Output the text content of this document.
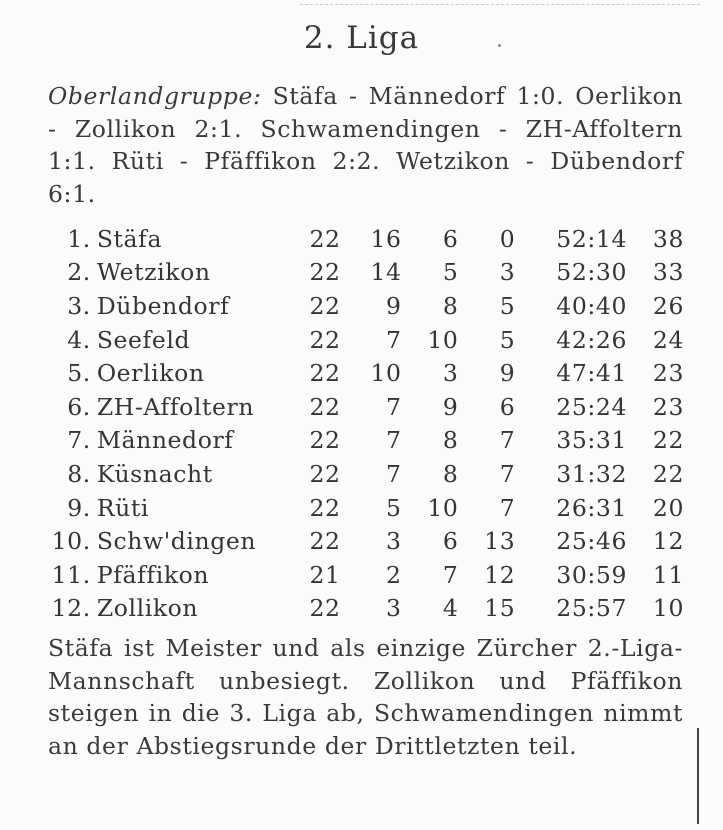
2. Liga
Oberlandgruppe: Stäfa - Männedorf 1:0. Oerlikon - Zollikon 2:1. Schwamendingen - ZH-Affoltern 1:1. Rüti - Pfäffikon 2:2. Wetzikon - Dübendorf 6:1.
1.	Stäfa	22	16	6	0	52:14	38
2.	Wetzikon	22	14	5	3	52:30	33
3.	Dübendorf	22	9	8	5	40:40	26
4.	Seefeld	22	7	10	5	42:26	24
5.	Oerlikon	22	10	3	9	47:41	23
6.	ZH-Affoltern	22	7	9	6	25:24	23
7.	Männedorf	22	7	8	7	35:31	22
8.	Küsnacht	22	7	8	7	31:32	22
9.	Rüti	22	5	10	7	26:31	20
10.	Schw'dingen	22	3	6	13	25:46	12
11.	Pfäffikon	21	2	7	12	30:59	11
12.	Zollikon	22	3	4	15	25:57	10
Stäfa ist Meister und als einzige Zürcher 2.-Liga-Mannschaft unbesiegt. Zollikon und Pfäffikon steigen in die 3. Liga ab, Schwamendingen nimmt an der Abstiegsrunde der Drittletzten teil.
